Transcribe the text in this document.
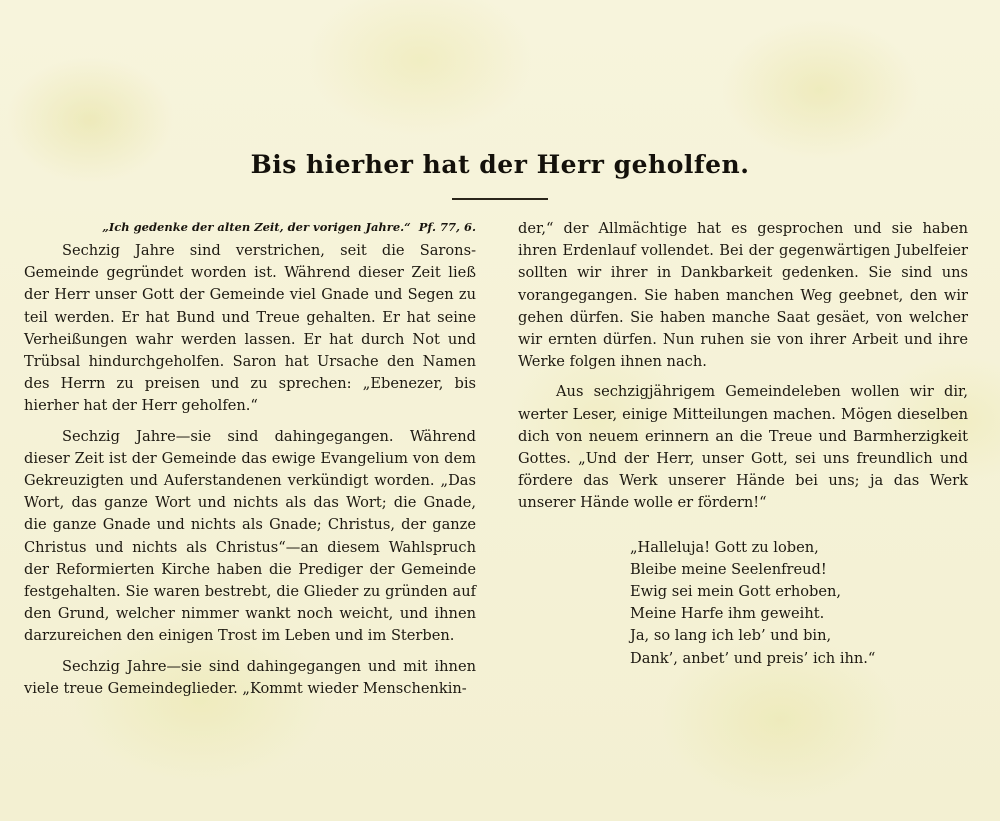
Bis hierher hat der Herr geholfen.
„Ich gedenke der alten Zeit, der vorigen Jahre.“ Pf. 77, 6.

Sechzig Jahre sind verstrichen, seit die Sarons-Gemeinde gegründet worden ist. Während dieser Zeit ließ der Herr unser Gott der Gemeinde viel Gnade und Segen zu teil werden. Er hat Bund und Treue gehalten. Er hat seine Verheißungen wahr werden lassen. Er hat durch Not und Trübsal hindurchgeholfen. Saron hat Ursache den Namen des Herrn zu preisen und zu sprechen: „Ebenezer, bis hierher hat der Herr geholfen.“

Sechzig Jahre—sie sind dahingegangen. Während dieser Zeit ist der Gemeinde das ewige Evangelium von dem Gekreuzigten und Auferstandenen verkündigt worden. „Das Wort, das ganze Wort und nichts als das Wort; die Gnade, die ganze Gnade und nichts als Gnade; Christus, der ganze Christus und nichts als Christus“—an diesem Wahlspruch der Reformierten Kirche haben die Prediger der Gemeinde festgehalten. Sie waren bestrebt, die Glieder zu gründen auf den Grund, welcher nimmer wankt noch weicht, und ihnen darzureichen den einigen Trost im Leben und im Sterben.

Sechzig Jahre—sie sind dahingegangen und mit ihnen viele treue Gemeindeglieder. „Kommt wieder Menschenkin-

der,“ der Allmächtige hat es gesprochen und sie haben ihren Erdenlauf vollendet. Bei der gegenwärtigen Jubelfeier sollten wir ihrer in Dankbarkeit gedenken. Sie sind uns vorangegangen. Sie haben manchen Weg geebnet, den wir gehen dürfen. Sie haben manche Saat gesäet, von welcher wir ernten dürfen. Nun ruhen sie von ihrer Arbeit und ihre Werke folgen ihnen nach.

Aus sechzigjährigem Gemeindeleben wollen wir dir, werter Leser, einige Mitteilungen machen. Mögen dieselben dich von neuem erinnern an die Treue und Barmherzigkeit Gottes. „Und der Herr, unser Gott, sei uns freundlich und fördere das Werk unserer Hände bei uns; ja das Werk unserer Hände wolle er fördern!“

„Halleluja! Gott zu loben,
Bleibe meine Seelenfreud!
Ewig sei mein Gott erhoben,
Meine Harfe ihm geweiht.
Ja, so lang ich leb’ und bin,
Dank’, anbet’ und preis’ ich ihn.“
